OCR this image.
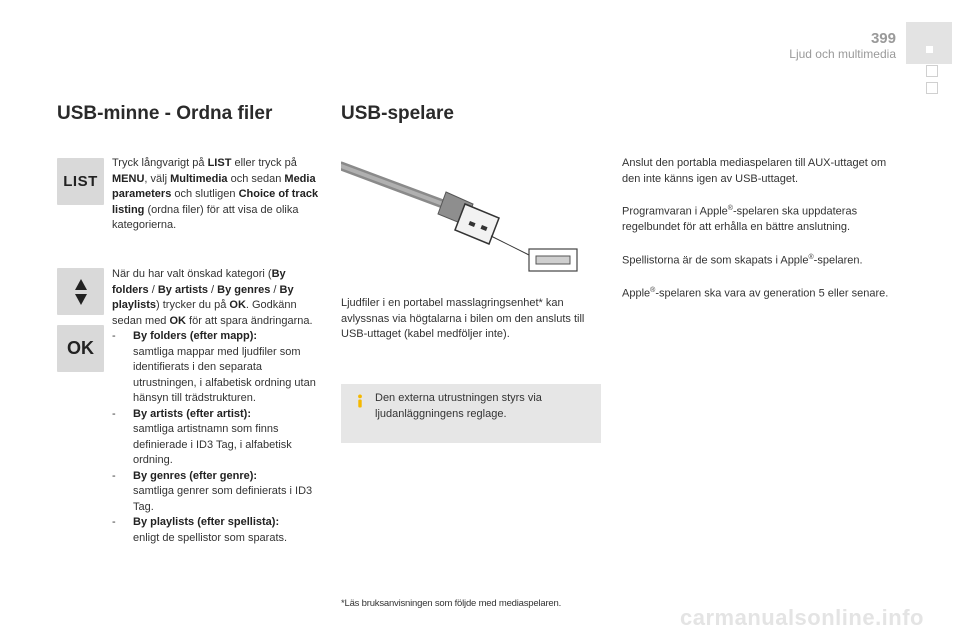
399
Ljud och multimedia
USB-minne - Ordna filer
LIST
OK

Tryck långvarigt på LIST eller tryck på MENU, välj Multimedia och sedan Media parameters och slutligen Choice of track listing (ordna filer) för att visa de olika kategorierna.

När du har valt önskad kategori (By folders / By artists / By genres / By playlists) trycker du på OK. Godkänn sedan med OK för att spara ändringarna.

- By folders (efter mapp):
samtliga mappar med ljudfiler som identifierats i den separata utrustningen, i alfabetisk ordning utan hänsyn till trädstrukturen.
- By artists (efter artist):
samtliga artistnamn som finns definierade i ID3 Tag, i alfabetisk ordning.
- By genres (efter genre):
samtliga genrer som definierats i ID3 Tag.
- By playlists (efter spellista):
enligt de spellistor som sparats.
USB-spelare

Ljudfiler i en portabel masslagringsenhet* kan avlyssnas via högtalarna i bilen om den ansluts till USB-uttaget (kabel medföljer inte).

Den externa utrustningen styrs via ljudanläggningens reglage.
*Läs bruksanvisningen som följde med mediaspelaren.

Anslut den portabla mediaspelaren till AUX-uttaget om den inte känns igen av USB-uttaget.

Programvaran i Apple®-spelaren ska uppdateras regelbundet för att erhålla en bättre anslutning.

Spellistorna är de som skapats i Apple®-spelaren.

Apple®-spelaren ska vara av generation 5 eller senare.

carmanualsonline.info
